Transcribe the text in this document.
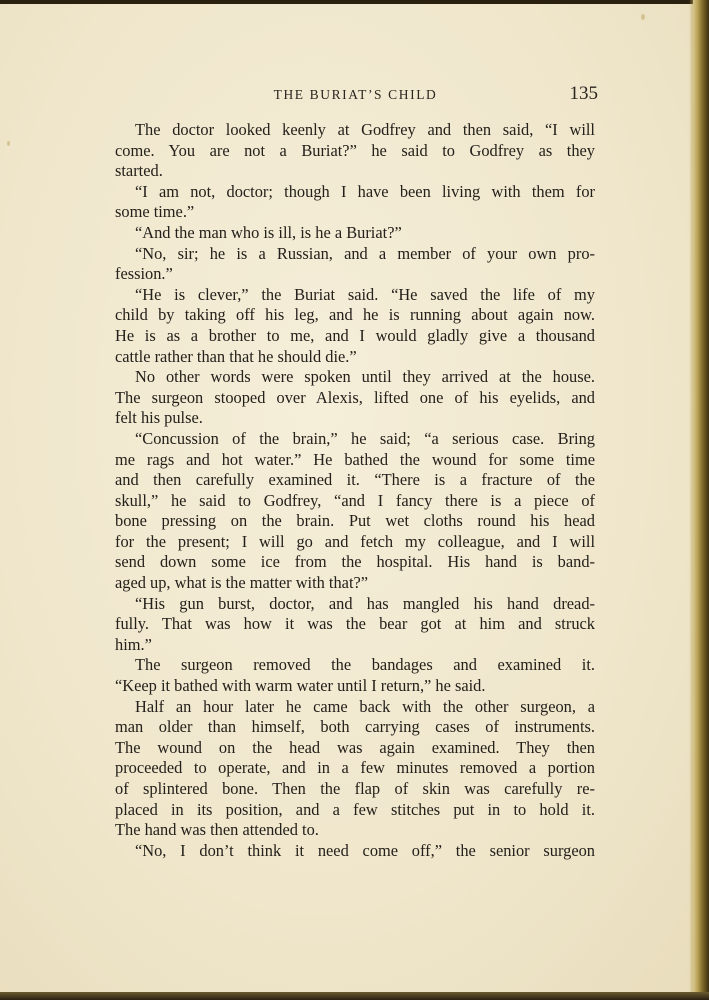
THE BURIAT’S CHILD	135
The doctor looked keenly at Godfrey and then said, “I will
come. You are not a Buriat?” he said to Godfrey as they
started.
“I am not, doctor; though I have been living with them for
some time.”
“And the man who is ill, is he a Buriat?”
“No, sir; he is a Russian, and a member of your own pro-
fession.”
“He is clever,” the Buriat said. “He saved the life of my
child by taking off his leg, and he is running about again now.
He is as a brother to me, and I would gladly give a thousand
cattle rather than that he should die.”
No other words were spoken until they arrived at the house.
The surgeon stooped over Alexis, lifted one of his eyelids, and
felt his pulse.
“Concussion of the brain,” he said; “a serious case. Bring
me rags and hot water.” He bathed the wound for some time
and then carefully examined it. “There is a fracture of the
skull,” he said to Godfrey, “and I fancy there is a piece of
bone pressing on the brain. Put wet cloths round his head
for the present; I will go and fetch my colleague, and I will
send down some ice from the hospital. His hand is band-
aged up, what is the matter with that?”
“His gun burst, doctor, and has mangled his hand dread-
fully. That was how it was the bear got at him and struck
him.”
The surgeon removed the bandages and examined it.
“Keep it bathed with warm water until I return,” he said.
Half an hour later he came back with the other surgeon, a
man older than himself, both carrying cases of instruments.
The wound on the head was again examined. They then
proceeded to operate, and in a few minutes removed a portion
of splintered bone. Then the flap of skin was carefully re-
placed in its position, and a few stitches put in to hold it.
The hand was then attended to.
“No, I don’t think it need come off,” the senior surgeon
